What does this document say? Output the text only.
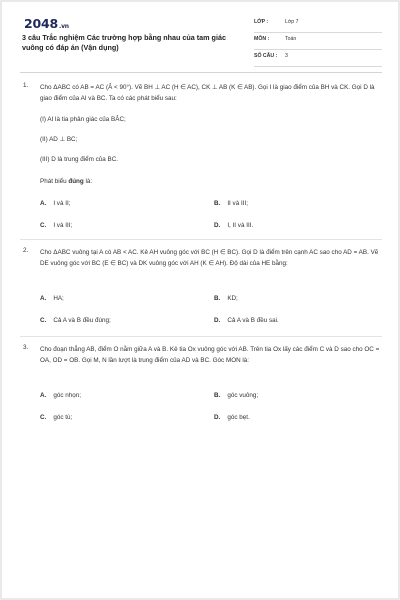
2048.vn
3 câu Trắc nghiệm Các trường hợp bằng nhau của tam giác vuông có đáp án (Vận dụng)
LỚP :	Lớp 7
MÔN :	Toán
SỐ CÂU : 3
1. Cho ΔABC có AB = AC (Â < 90°). Vẽ BH ⊥ AC (H ∈ AC), CK ⊥ AB (K ∈ AB). Gọi I là giao điểm của BH và CK. Gọi D là giao điểm của AI và BC. Ta có các phát biểu sau:
(I) AI là tia phân giác của BÂC;
(II) AD ⊥ BC;
(III) D là trung điểm của BC.
Phát biểu đúng là:
A. I và II;	B. II và III;
C. I và III;	D. I, II và III.
2. Cho ΔABC vuông tại A có AB < AC. Kẻ AH vuông góc với BC (H ∈ BC). Gọi D là điểm trên cạnh AC sao cho AD = AB. Vẽ DE vuông góc với BC (E ∈ BC) và DK vuông góc với AH (K ∈ AH). Độ dài của HE bằng:
A. HA;	B. KD;
C. Cả A và B đều đúng;	D. Cả A và B đều sai.
3. Cho đoạn thẳng AB, điểm O nằm giữa A và B. Kẻ tia Ox vuông góc với AB. Trên tia Ox lấy các điểm C và D sao cho OC = OA, OD = OB. Gọi M, N lần lượt là trung điểm của AD và BC. Góc MON là:
A. góc nhọn;	B. góc vuông;
C. góc tù;	D. góc bẹt.
